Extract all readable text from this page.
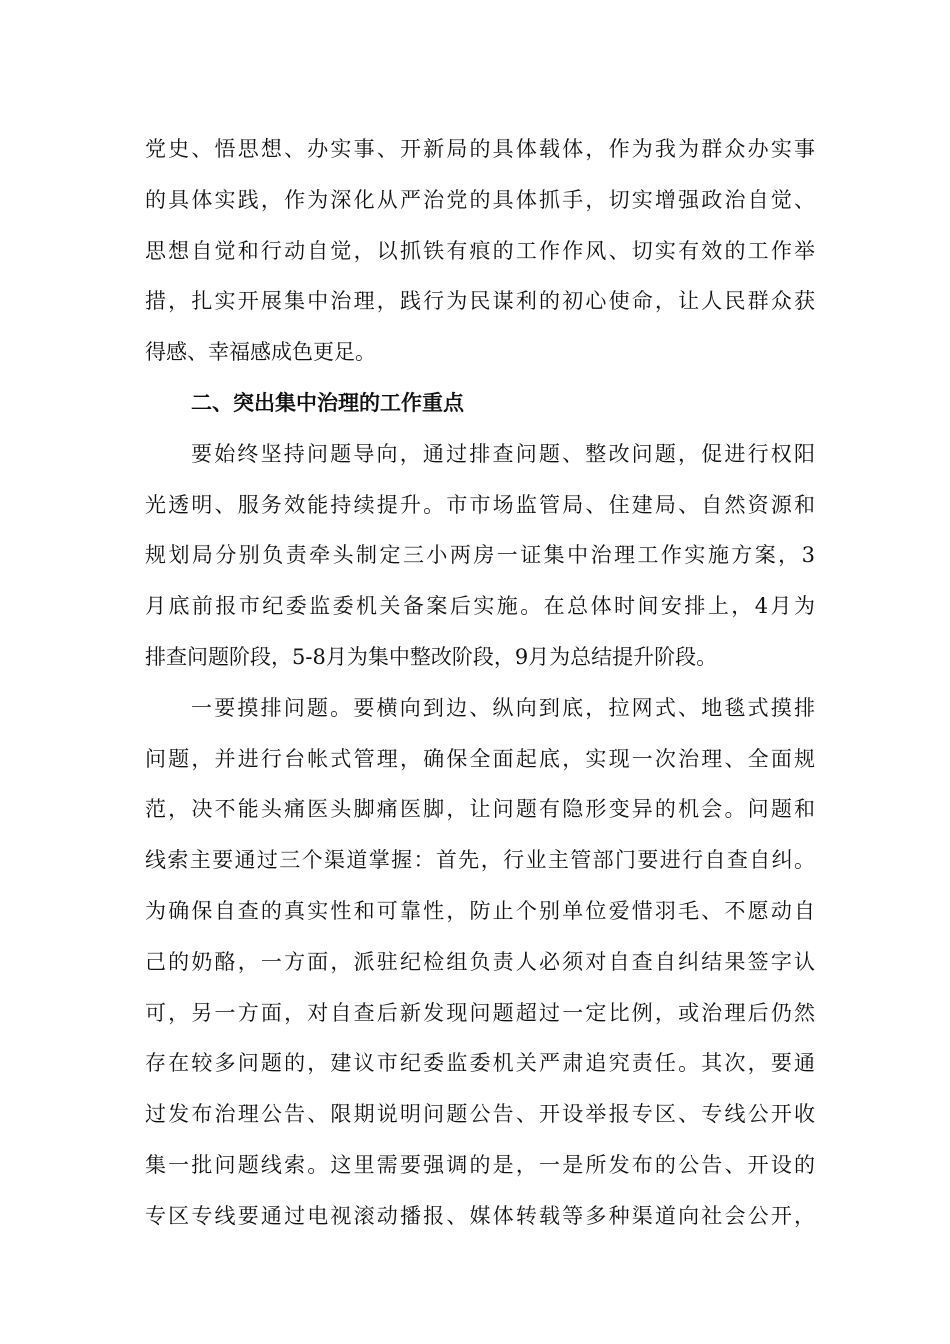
党史、悟思想、办实事、开新局的具体载体，作为我为群众办实事
的具体实践，作为深化从严治党的具体抓手，切实增强政治自觉、
思想自觉和行动自觉，以抓铁有痕的工作作风、切实有效的工作举
措，扎实开展集中治理，践行为民谋利的初心使命，让人民群众获
得感、幸福感成色更足。
二、突出集中治理的工作重点
要始终坚持问题导向，通过排查问题、整改问题，促进行权阳
光透明、服务效能持续提升。市市场监管局、住建局、自然资源和
规划局分别负责牵头制定三小两房一证集中治理工作实施方案，3
月底前报市纪委监委机关备案后实施。在总体时间安排上，4月为
排查问题阶段，5-8月为集中整改阶段，9月为总结提升阶段。
一要摸排问题。要横向到边、纵向到底，拉网式、地毯式摸排
问题，并进行台帐式管理，确保全面起底，实现一次治理、全面规
范，决不能头痛医头脚痛医脚，让问题有隐形变异的机会。问题和
线索主要通过三个渠道掌握：首先，行业主管部门要进行自查自纠。
为确保自查的真实性和可靠性，防止个别单位爱惜羽毛、不愿动自
己的奶酪，一方面，派驻纪检组负责人必须对自查自纠结果签字认
可，另一方面，对自查后新发现问题超过一定比例，或治理后仍然
存在较多问题的，建议市纪委监委机关严肃追究责任。其次，要通
过发布治理公告、限期说明问题公告、开设举报专区、专线公开收
集一批问题线索。这里需要强调的是，一是所发布的公告、开设的
专区专线要通过电视滚动播报、媒体转载等多种渠道向社会公开，
